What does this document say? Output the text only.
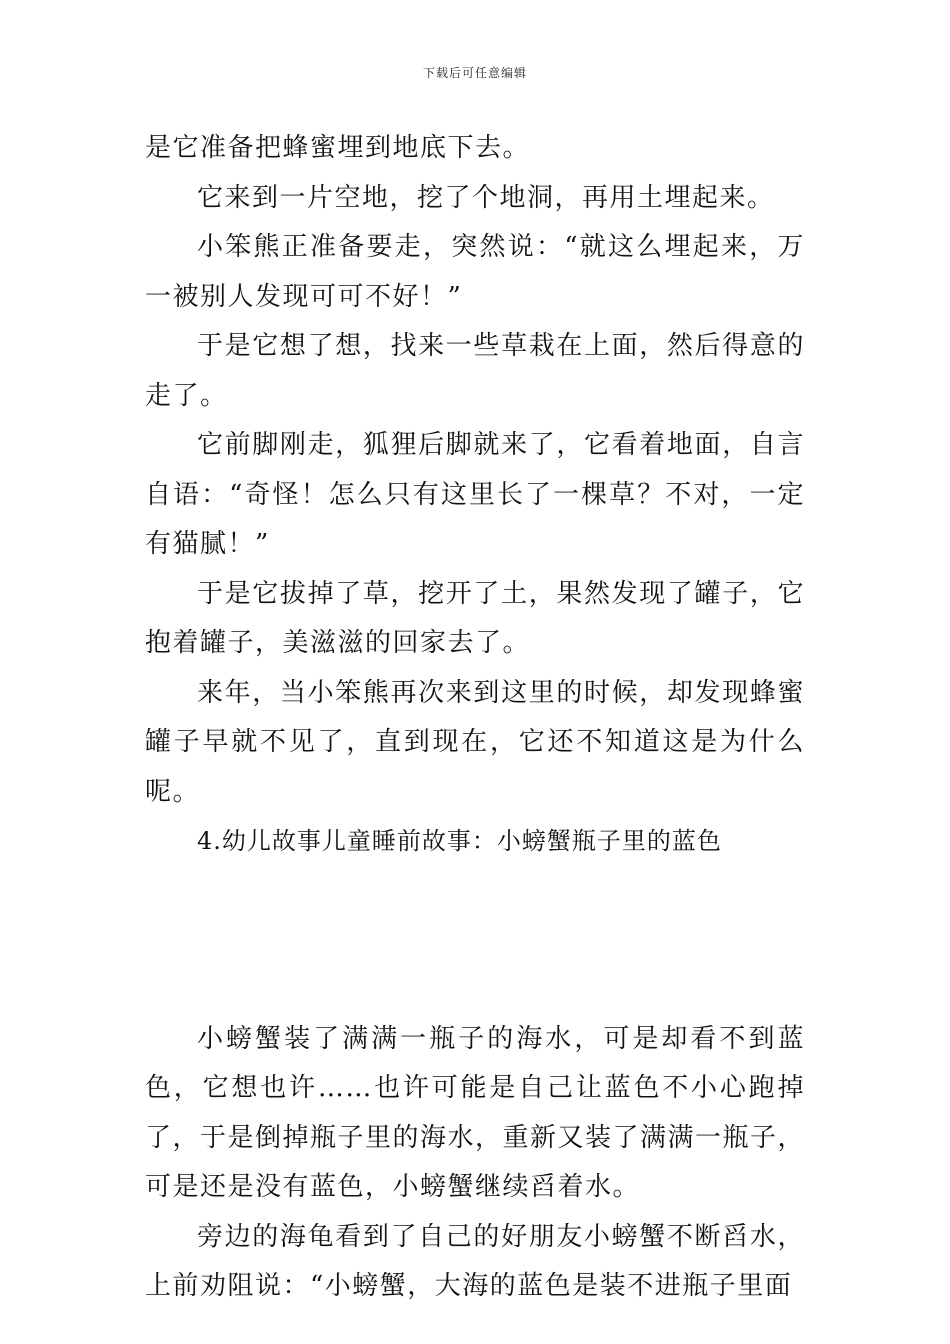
下载后可任意编辑

是它准备把蜂蜜埋到地底下去。

它来到一片空地，挖了个地洞，再用土埋起来。

小笨熊正准备要走，突然说：“就这么埋起来，万一被别人发现可可不好！”

于是它想了想，找来一些草栽在上面，然后得意的走了。

它前脚刚走，狐狸后脚就来了，它看着地面，自言自语：“奇怪！怎么只有这里长了一棵草？不对，一定有猫腻！”

于是它拔掉了草，挖开了土，果然发现了罐子，它抱着罐子，美滋滋的回家去了。

来年，当小笨熊再次来到这里的时候，却发现蜂蜜罐子早就不见了，直到现在，它还不知道这是为什么呢。

4.幼儿故事儿童睡前故事：小螃蟹瓶子里的蓝色

小螃蟹装了满满一瓶子的海水，可是却看不到蓝色，它想也许……也许可能是自己让蓝色不小心跑掉了，于是倒掉瓶子里的海水，重新又装了满满一瓶子，可是还是没有蓝色，小螃蟹继续舀着水。

旁边的海龟看到了自己的好朋友小螃蟹不断舀水，上前劝阻说：“小螃蟹，大海的蓝色是装不进瓶子里面
